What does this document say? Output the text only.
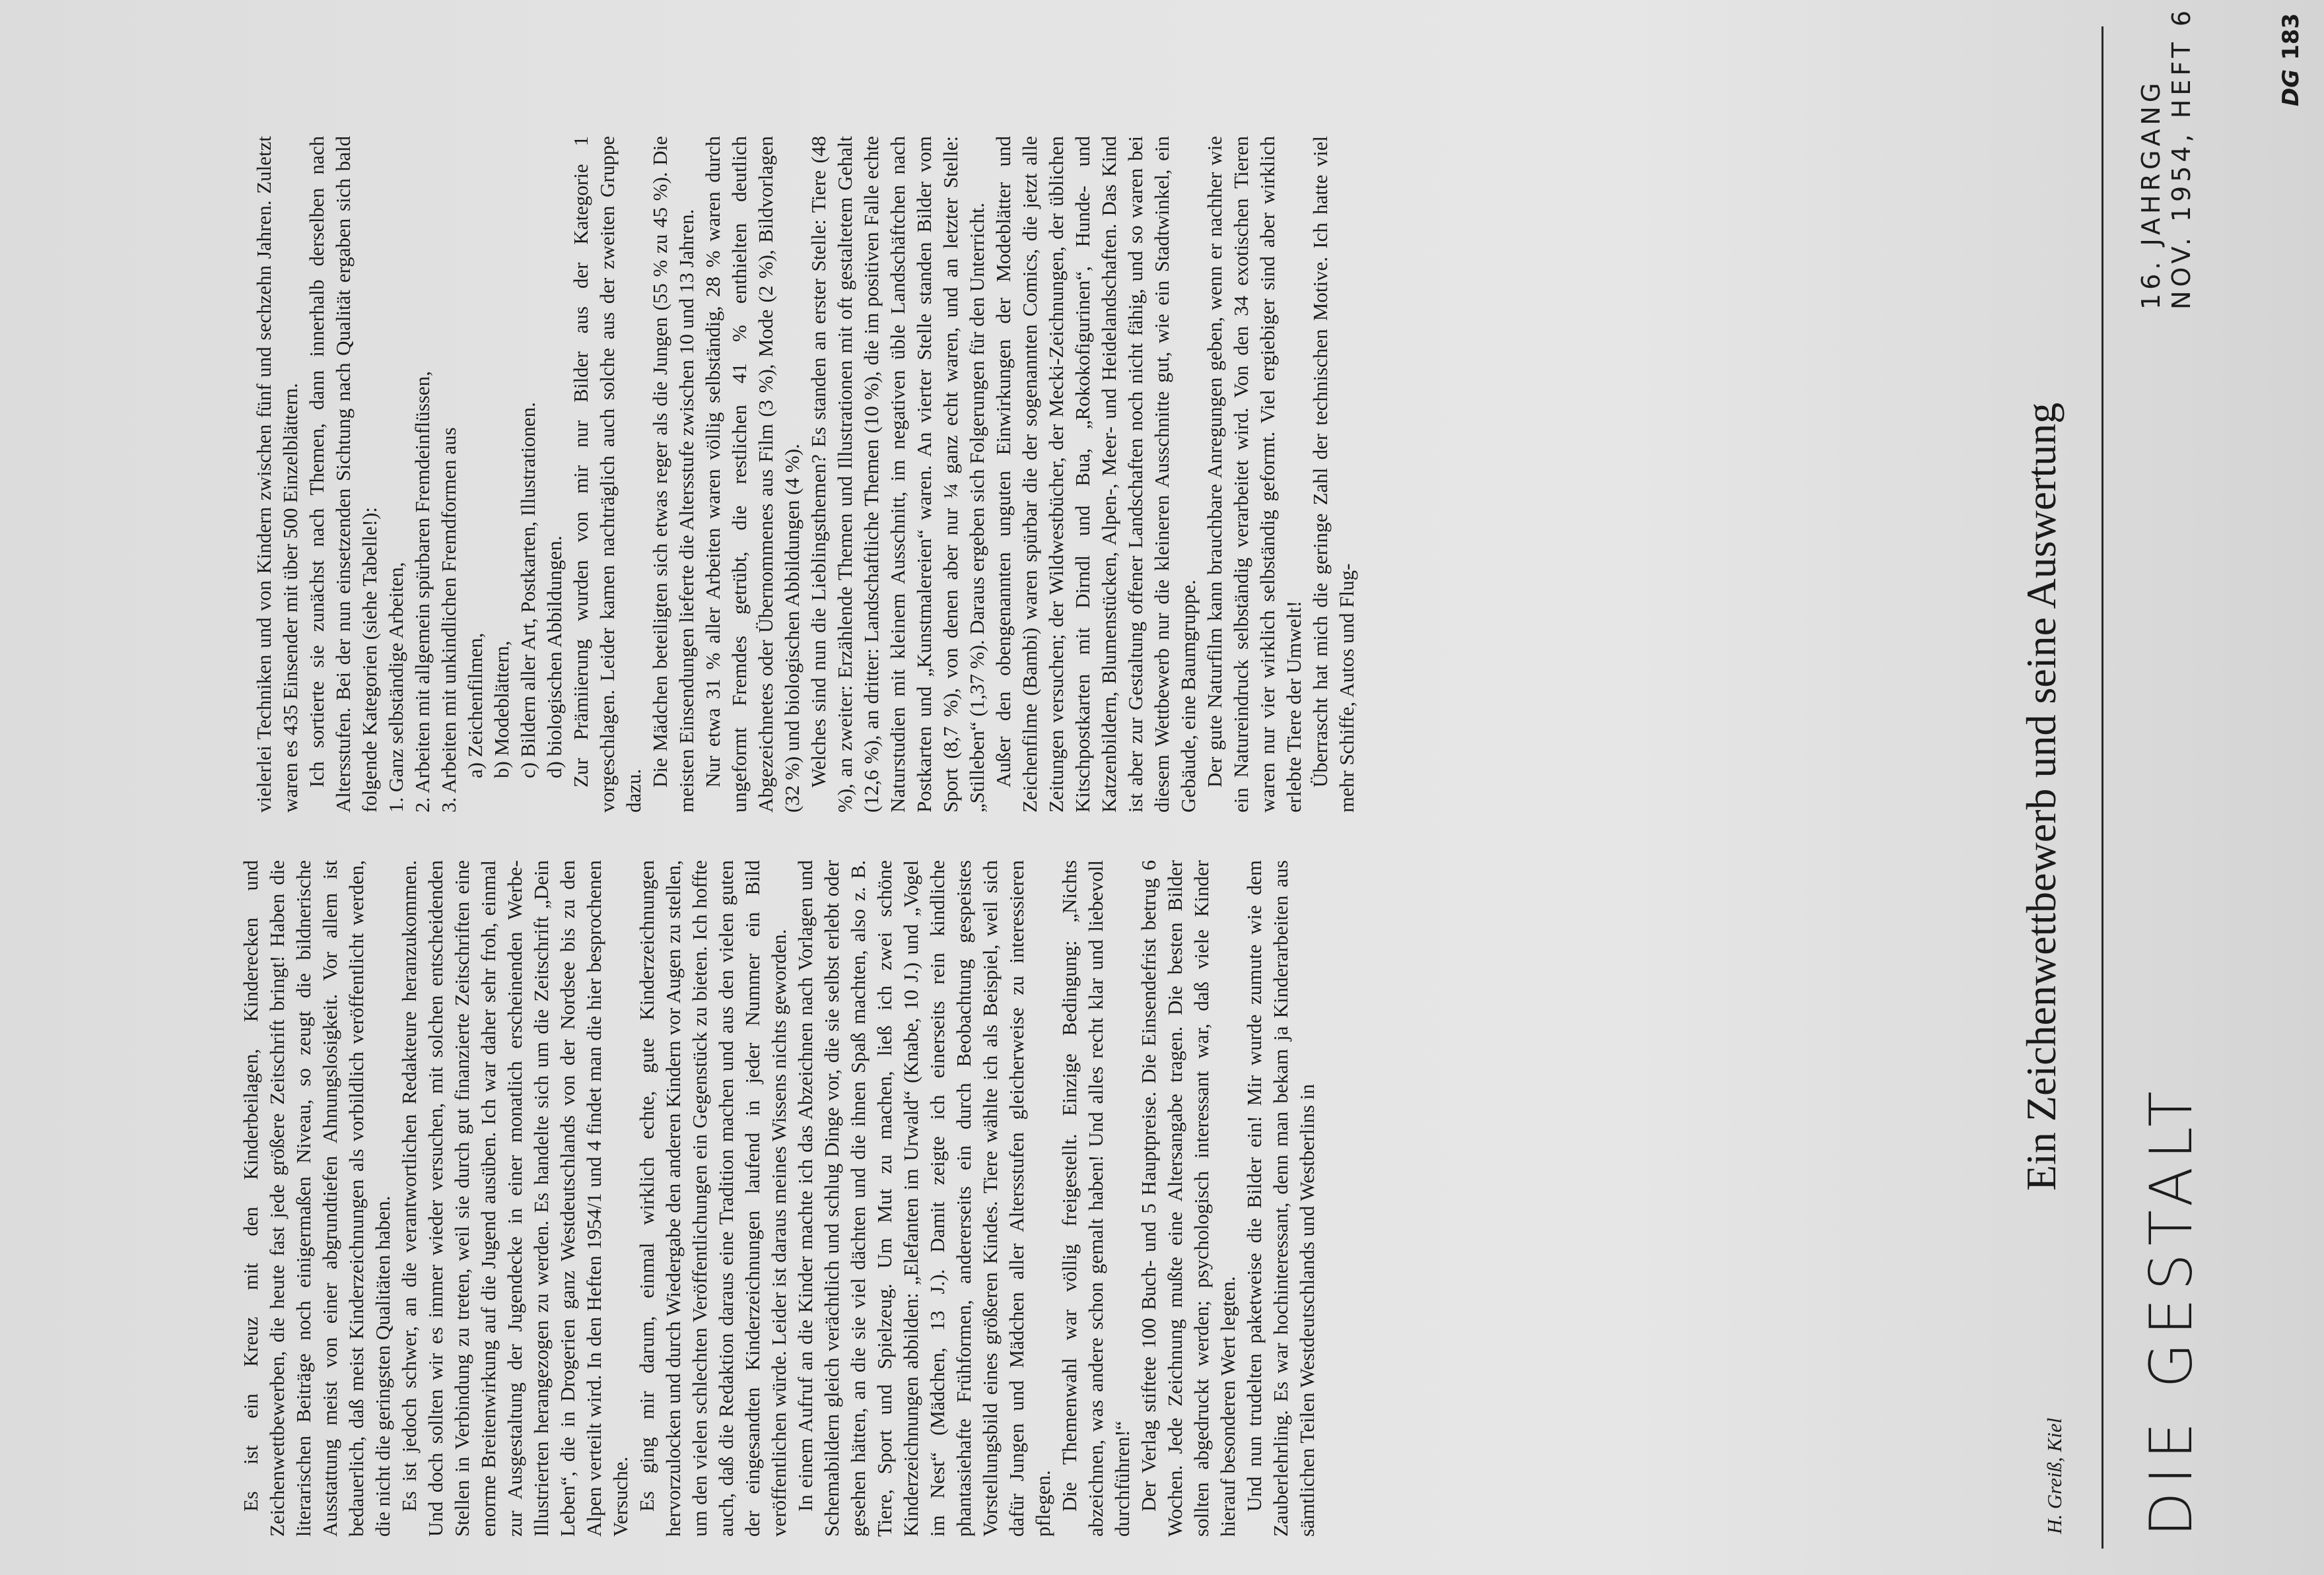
DIE GESTALT
16. JAHRGANG NOV. 1954, HEFT 6
H. Greiß, Kiel
Ein Zeichenwettbewerb und seine Auswertung

Es ist ein Kreuz mit den Kinderbeilagen, Kinderecken und Zeichenwettbewerben, die heute fast jede größere Zeitschrift bringt! Haben die literarischen Beiträge noch einigermaßen Niveau, so zeugt die bildnerische Ausstattung meist von einer abgrundtiefen Ahnungslosigkeit. Vor allem ist bedauerlich, daß meist Kinderzeichnungen als vorbildlich veröffentlicht werden, die nicht die geringsten Qualitäten haben. Es ist jedoch schwer, an die verantwortlichen Redakteure heranzukommen. Und doch sollten wir es immer wieder versuchen, mit solchen entscheidenden Stellen in Verbindung zu treten, weil sie durch gut finanzierte Zeitschriften eine enorme Breitenwirkung auf die Jugend ausüben. Ich war daher sehr froh, einmal zur Ausgestaltung der Jugendecke in einer monatlich erscheinenden Werbe-Illustrierten herangezogen zu werden. Es handelte sich um die Zeitschrift „Dein Leben“, die in Drogerien ganz Westdeutschlands von der Nordsee bis zu den Alpen verteilt wird. In den Heften 1954/1 und 4 findet man die hier besprochenen Versuche. Es ging mir darum, einmal wirklich echte, gute Kinderzeichnungen hervorzulocken und durch Wiedergabe den anderen Kindern vor Augen zu stellen, um den vielen schlechten Veröffentlichungen ein Gegenstück zu bieten. Ich hoffte auch, daß die Redaktion daraus eine Tradition machen und aus den vielen guten der eingesandten Kinderzeichnungen laufend in jeder Nummer ein Bild veröffentlichen würde. Leider ist daraus meines Wissens nichts geworden. In einem Aufruf an die Kinder machte ich das Abzeichnen nach Vorlagen und Schemabildern gleich verächtlich und schlug Dinge vor, die sie selbst erlebt oder gesehen hätten, an die sie viel dächten und die ihnen Spaß machten, also z. B. Tiere, Sport und Spielzeug. Um Mut zu machen, ließ ich zwei schöne Kinderzeichnungen abbilden: „Elefanten im Urwald“ (Knabe, 10 J.) und „Vogel im Nest“ (Mädchen, 13 J.). Damit zeigte ich einerseits rein kindliche phantasiehafte Frühformen, andererseits ein durch Beobachtung gespeistes Vorstellungsbild eines größeren Kindes. Tiere wählte ich als Beispiel, weil sich dafür Jungen und Mädchen aller Altersstufen gleicherweise zu interessieren pflegen. Die Themenwahl war völlig freigestellt. Einzige Bedingung: „Nichts abzeichnen, was andere schon gemalt haben! Und alles recht klar und liebevoll durchführen!“ Der Verlag stiftete 100 Buch- und 5 Hauptpreise. Die Einsendefrist betrug 6 Wochen. Jede Zeichnung mußte eine Altersangabe tragen. Die besten Bilder sollten abgedruckt werden; psychologisch interessant war, daß viele Kinder hierauf besonderen Wert legten. Und nun trudelten paketweise die Bilder ein! Mir wurde zumute wie dem Zauberlehrling. Es war hochinteressant, denn man bekam ja Kinderarbeiten aus sämtlichen Teilen Westdeutschlands und Westberlins in

vielerlei Techniken und von Kindern zwischen fünf und sechzehn Jahren. Zuletzt waren es 435 Einsender mit über 500 Einzelblättern. Ich sortierte sie zunächst nach Themen, dann innerhalb derselben nach Altersstufen. Bei der nun einsetzenden Sichtung nach Qualität ergaben sich bald folgende Kategorien (siehe Tabelle!): 1. Ganz selbständige Arbeiten, 2. Arbeiten mit allgemein spürbaren Fremdeinflüssen, 3. Arbeiten mit unkindlichen Fremdformen aus a) Zeichenfilmen, b) Modeblättern, c) Bildern aller Art, Postkarten, Illustrationen. d) biologischen Abbildungen. Zur Prämiierung wurden von mir nur Bilder aus der Kategorie 1 vorgeschlagen. Leider kamen nachträglich auch solche aus der zweiten Gruppe dazu.

Die Mädchen beteiligten sich etwas reger als die Jungen (55 % zu 45 %). Die meisten Einsendungen lieferte die Altersstufe zwischen 10 und 13 Jahren. Nur etwa 31 % aller Arbeiten waren völlig selbständig, 28 % waren durch ungeformt Fremdes getrübt, die restlichen 41 % enthielten deutlich Abgezeichnetes oder Übernommenes aus Film (3 %), Mode (2 %), Bildvorlagen (32 %) und biologischen Abbildungen (4 %). Welches sind nun die Lieblingsthemen? Es standen an erster Stelle: Tiere (48 %), an zweiter: Erzählende Themen und Illustrationen mit oft gestaltetem Gehalt (12,6 %), an dritter: Landschaftliche Themen (10 %), die im positiven Falle echte Naturstudien mit kleinem Ausschnitt, im negativen üble Landschäftchen nach Postkarten und „Kunstmalereien“ waren. An vierter Stelle standen Bilder vom Sport (8,7 %), von denen aber nur ¼ ganz echt waren, und an letzter Stelle: „Stilleben“ (1,37 %). Daraus ergeben sich Folgerungen für den Unterricht. Außer den obengenannten unguten Einwirkungen der Modeblätter und Zeichenfilme (Bambi) waren spürbar die der sogenannten Comics, die jetzt alle Zeitungen versuchen; der Wildwestbücher, der Mecki-Zeichnungen, der üblichen Kitschpostkarten mit Dirndl und Bua, „Rokokofigurinen“, Hunde- und Katzenbildern, Blumenstücken, Alpen-, Meer- und Heidelandschaften. Das Kind ist aber zur Gestaltung offener Landschaften noch nicht fähig, und so waren bei diesem Wettbewerb nur die kleineren Ausschnitte gut, wie ein Stadtwinkel, ein Gebäude, eine Baumgruppe. Der gute Naturfilm kann brauchbare Anregungen geben, wenn er nachher wie ein Natureindruck selbständig verarbeitet wird. Von den 34 exotischen Tieren waren nur vier wirklich selbständig geformt. Viel ergiebiger sind aber wirklich erlebte Tiere der Umwelt! Überrascht hat mich die geringe Zahl der technischen Motive. Ich hatte viel mehr Schiffe, Autos und Flug-

DG183
